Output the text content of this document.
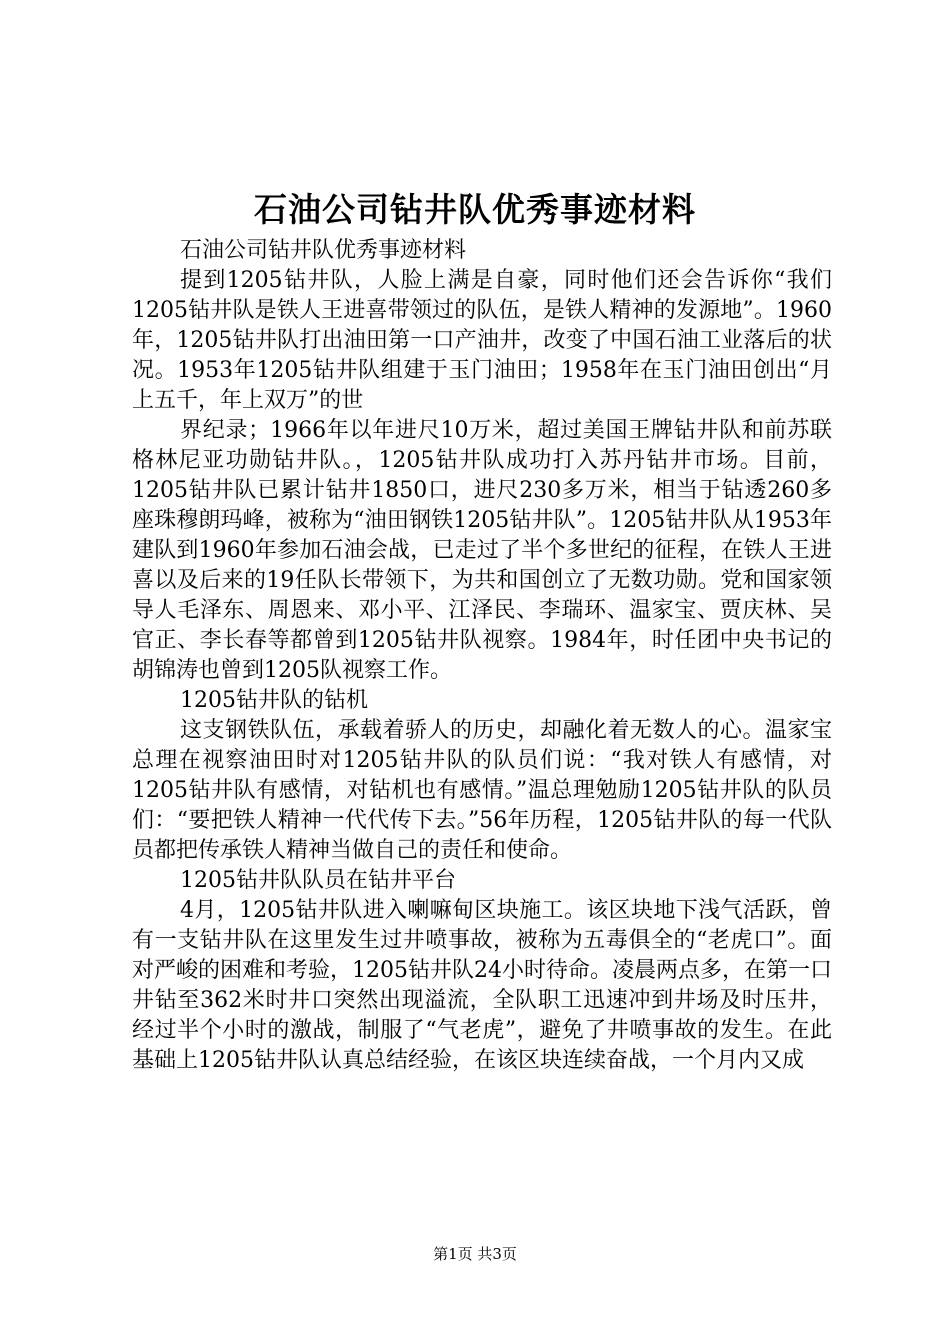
石油公司钻井队优秀事迹材料

石油公司钻井队优秀事迹材料

提到1205钻井队，人脸上满是自豪，同时他们还会告诉你“我们1205钻井队是铁人王进喜带领过的队伍，是铁人精神的发源地”。1960年，1205钻井队打出油田第一口产油井，改变了中国石油工业落后的状况。1953年1205钻井队组建于玉门油田；1958年在玉门油田创出“月上五千，年上双万”的世

界纪录；1966年以年进尺10万米，超过美国王牌钻井队和前苏联格林尼亚功勋钻井队。，1205钻井队成功打入苏丹钻井市场。目前，1205钻井队已累计钻井1850口，进尺230多万米，相当于钻透260多座珠穆朗玛峰，被称为“油田钢铁1205钻井队”。1205钻井队从1953年建队到1960年参加石油会战，已走过了半个多世纪的征程，在铁人王进喜以及后来的19任队长带领下，为共和国创立了无数功勋。党和国家领导人毛泽东、周恩来、邓小平、江泽民、李瑞环、温家宝、贾庆林、吴官正、李长春等都曾到1205钻井队视察。1984年，时任团中央书记的胡锦涛也曾到1205队视察工作。

1205钻井队的钻机

这支钢铁队伍，承载着骄人的历史，却融化着无数人的心。温家宝总理在视察油田时对1205钻井队的队员们说：“我对铁人有感情，对1205钻井队有感情，对钻机也有感情。”温总理勉励1205钻井队的队员们：“要把铁人精神一代代传下去。”56年历程，1205钻井队的每一代队员都把传承铁人精神当做自己的责任和使命。

1205钻井队队员在钻井平台

4月，1205钻井队进入喇嘛甸区块施工。该区块地下浅气活跃，曾有一支钻井队在这里发生过井喷事故，被称为五毒俱全的“老虎口”。面对严峻的困难和考验，1205钻井队24小时待命。凌晨两点多，在第一口井钻至362米时井口突然出现溢流，全队职工迅速冲到井场及时压井，经过半个小时的激战，制服了“气老虎”，避免了井喷事故的发生。在此基础上1205钻井队认真总结经验，在该区块连续奋战，一个月内又成

第1页 共3页
